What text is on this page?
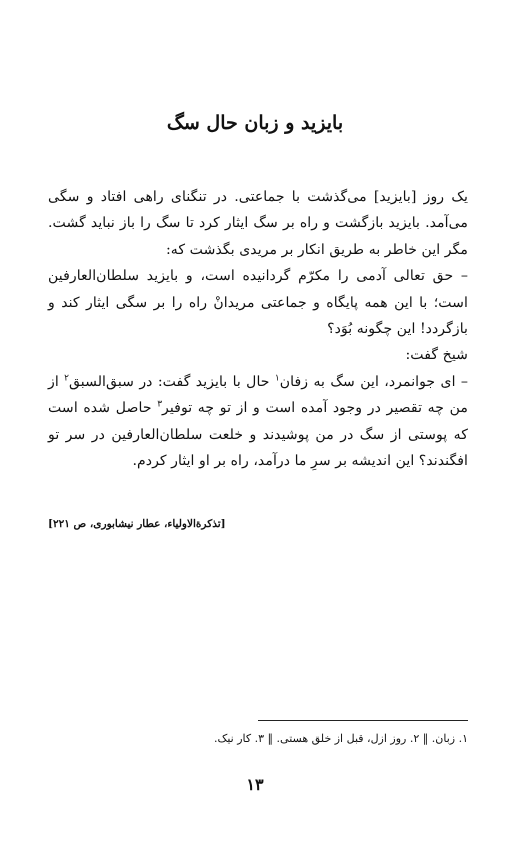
بایزید و زبان حال سگ

یک روز [بایزید] می‌گذشت با جماعتی. در تنگنای راهی افتاد و سگی می‌آمد. بایزید بازگشت و راه بر سگ ایثار کرد تا سگ را باز نباید گشت. مگر این خاطر به طریق انکار بر مریدی بگذشت که:

– حق تعالی آدمی را مکرّم گردانیده است، و بایزید سلطان‌العارفین است؛ با این همه پایگاه و جماعتی مریدانْ راه را بر سگی ایثار کند و بازگردد! این چگونه بُوَد؟

شیخ گفت:

– ای جوانمرد، این سگ به زفان$^۱$ حال با بایزید گفت: در سبق‌السبق$^۲$ از من چه تقصیر در وجود آمده است و از تو چه توفیر$^۳$ حاصل شده است که پوستی از سگ در من پوشیدند و خلعت سلطان‌العارفین در سر تو افگندند؟ این اندیشه بر سرِ ما درآمد، راه بر او ایثار کردم.

[تذکرةالاولیاء، عطار نیشابوری، ص ۲۲۱]
۱. زبان. ‖ ۲. روز ازل، قبل از خلق هستی. ‖ ۳. کار نیک.
۱۳
